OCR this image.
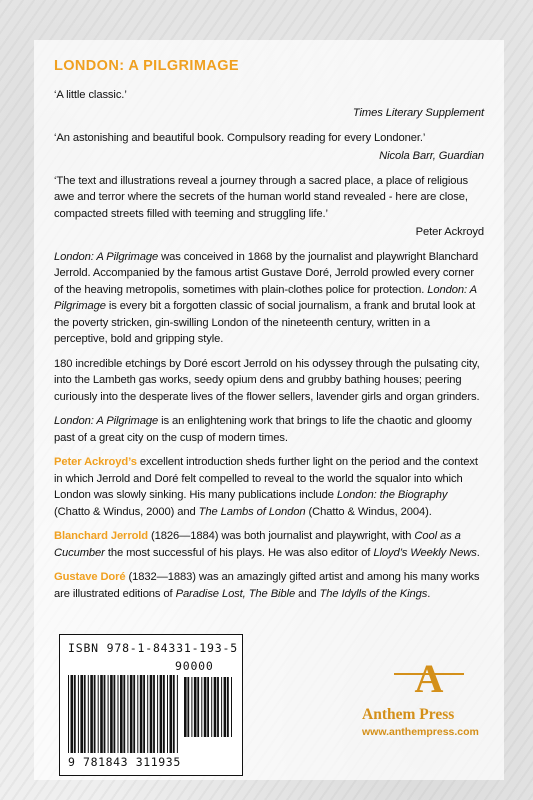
LONDON: A PILGRIMAGE
‘A little classic.’
Times Literary Supplement
‘An astonishing and beautiful book. Compulsory reading for every Londoner.’
Nicola Barr, Guardian
‘The text and illustrations reveal a journey through a sacred place, a place of religious awe and terror where the secrets of the human world stand revealed - here are close, compacted streets filled with teeming and struggling life.’
Peter Ackroyd

London: A Pilgrimage was conceived in 1868 by the journalist and playwright Blanchard Jerrold. Accompanied by the famous artist Gustave Doré, Jerrold prowled every corner of the heaving metropolis, sometimes with plain-clothes police for protection. London: A Pilgrimage is every bit a forgotten classic of social journalism, a frank and brutal look at the poverty stricken, gin-swilling London of the nineteenth century, written in a perceptive, bold and gripping style.

180 incredible etchings by Doré escort Jerrold on his odyssey through the pulsating city, into the Lambeth gas works, seedy opium dens and grubby bathing houses; peering curiously into the desperate lives of the flower sellers, lavender girls and organ grinders.

London: A Pilgrimage is an enlightening work that brings to life the chaotic and gloomy past of a great city on the cusp of modern times.

Peter Ackroyd’s excellent introduction sheds further light on the period and the context in which Jerrold and Doré felt compelled to reveal to the world the squalor into which London was slowly sinking. His many publications include London: the Biography (Chatto & Windus, 2000) and The Lambs of London (Chatto & Windus, 2004).

Blanchard Jerrold (1826—1884) was both journalist and playwright, with Cool as a Cucumber the most successful of his plays. He was also editor of Lloyd’s Weekly News.

Gustave Doré (1832—1883) was an amazingly gifted artist and among his many works are illustrated editions of Paradise Lost, The Bible and The Idylls of the Kings.

ISBN 978-1-84331-193-5
90000
9 781843 311935
A
Anthem Press
www.anthempress.com
